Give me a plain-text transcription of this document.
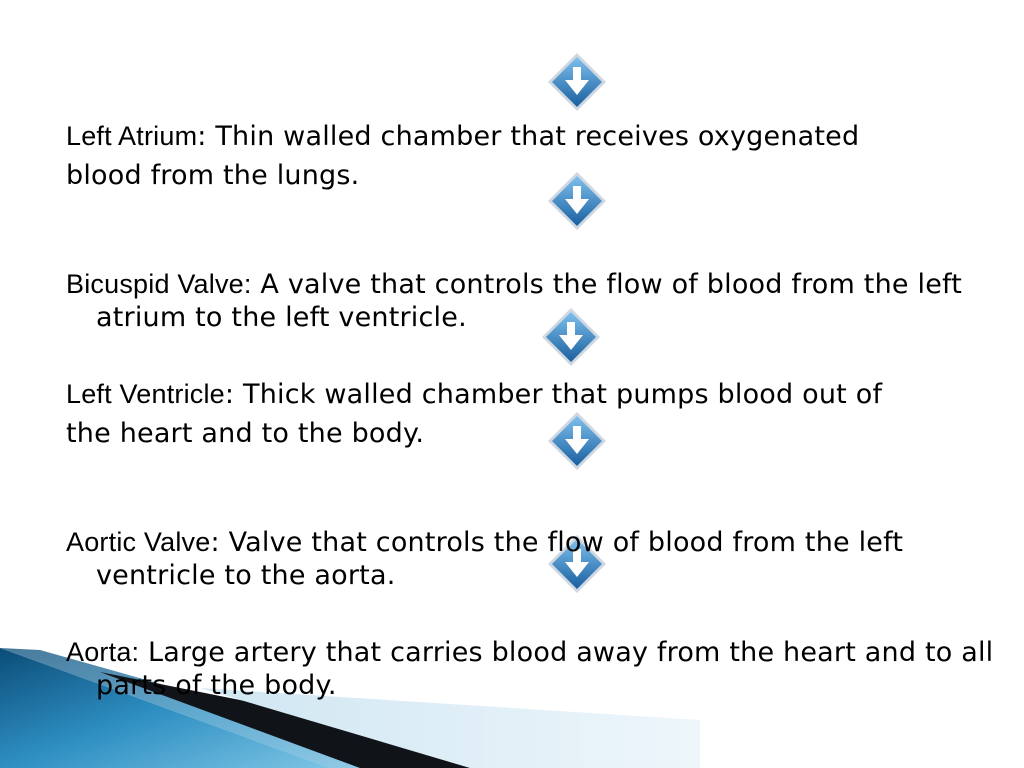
Left Atrium: Thin walled chamber that receives oxygenated

blood from the lungs.

Bicuspid Valve: A valve that controls the flow of blood from the left atrium to the left ventricle.

Left Ventricle: Thick walled chamber that pumps blood out of

the heart and to the body.

Aortic Valve: Valve that controls the flow of blood from the left ventricle to the aorta.

Aorta: Large artery that carries blood away from the heart and to all parts of the body.
